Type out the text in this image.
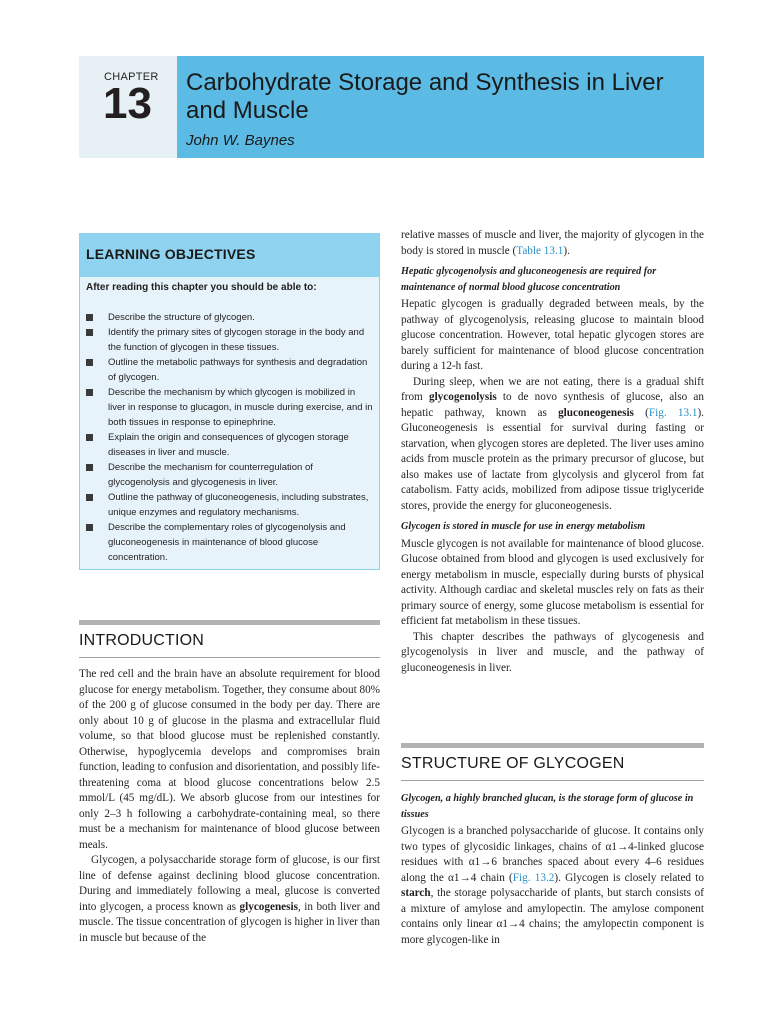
CHAPTER
13 Carbohydrate Storage and Synthesis in Liver and Muscle
John W. Baynes
LEARNING OBJECTIVES
After reading this chapter you should be able to:
Describe the structure of glycogen.
Identify the primary sites of glycogen storage in the body and the function of glycogen in these tissues.
Outline the metabolic pathways for synthesis and degradation of glycogen.
Describe the mechanism by which glycogen is mobilized in liver in response to glucagon, in muscle during exercise, and in both tissues in response to epinephrine.
Explain the origin and consequences of glycogen storage diseases in liver and muscle.
Describe the mechanism for counterregulation of glycogenolysis and glycogenesis in liver.
Outline the pathway of gluconeogenesis, including substrates, unique enzymes and regulatory mechanisms.
Describe the complementary roles of glycogenolysis and gluconeogenesis in maintenance of blood glucose concentration.
INTRODUCTION

The red cell and the brain have an absolute requirement for blood glucose for energy metabolism. Together, they consume about 80% of the 200 g of glucose consumed in the body per day. There are only about 10 g of glucose in the plasma and extracellular fluid volume, so that blood glucose must be replenished constantly. Otherwise, hypoglycemia develops and compromises brain function, leading to confusion and disorientation, and possibly life-threatening coma at blood glucose concentrations below 2.5 mmol/L (45 mg/dL). We absorb glucose from our intestines for only 2–3 h following a carbohydrate-containing meal, so there must be a mechanism for maintenance of blood glucose between meals.

Glycogen, a polysaccharide storage form of glucose, is our first line of defense against declining blood glucose concentration. During and immediately following a meal, glucose is converted into glycogen, a process known as glycogenesis, in both liver and muscle. The tissue concentration of glycogen is higher in liver than in muscle but because of the

relative masses of muscle and liver, the majority of glycogen in the body is stored in muscle (Table 13.1).

Hepatic glycogenolysis and gluconeogenesis are required for maintenance of normal blood glucose concentration

Hepatic glycogen is gradually degraded between meals, by the pathway of glycogenolysis, releasing glucose to maintain blood glucose concentration. However, total hepatic glycogen stores are barely sufficient for maintenance of blood glucose concentration during a 12-h fast.

During sleep, when we are not eating, there is a gradual shift from glycogenolysis to de novo synthesis of glucose, also an hepatic pathway, known as gluconeogenesis (Fig. 13.1). Gluconeogenesis is essential for survival during fasting or starvation, when glycogen stores are depleted. The liver uses amino acids from muscle protein as the primary precursor of glucose, but also makes use of lactate from glycolysis and glycerol from fat catabolism. Fatty acids, mobilized from adipose tissue triglyceride stores, provide the energy for gluconeogenesis.

Glycogen is stored in muscle for use in energy metabolism

Muscle glycogen is not available for maintenance of blood glucose. Glucose obtained from blood and glycogen is used exclusively for energy metabolism in muscle, especially during bursts of physical activity. Although cardiac and skeletal muscles rely on fats as their primary source of energy, some glucose metabolism is essential for efficient fat metabolism in these tissues.

This chapter describes the pathways of glycogenesis and glycogenolysis in liver and muscle, and the pathway of gluconeogenesis in liver.

STRUCTURE OF GLYCOGEN

Glycogen, a highly branched glucan, is the storage form of glucose in tissues

Glycogen is a branched polysaccharide of glucose. It contains only two types of glycosidic linkages, chains of α1→4-linked glucose residues with α1→6 branches spaced about every 4–6 residues along the α1→4 chain (Fig. 13.2). Glycogen is closely related to starch, the storage polysaccharide of plants, but starch consists of a mixture of amylose and amylopectin. The amylose component contains only linear α1→4 chains; the amylopectin component is more glycogen-like in
